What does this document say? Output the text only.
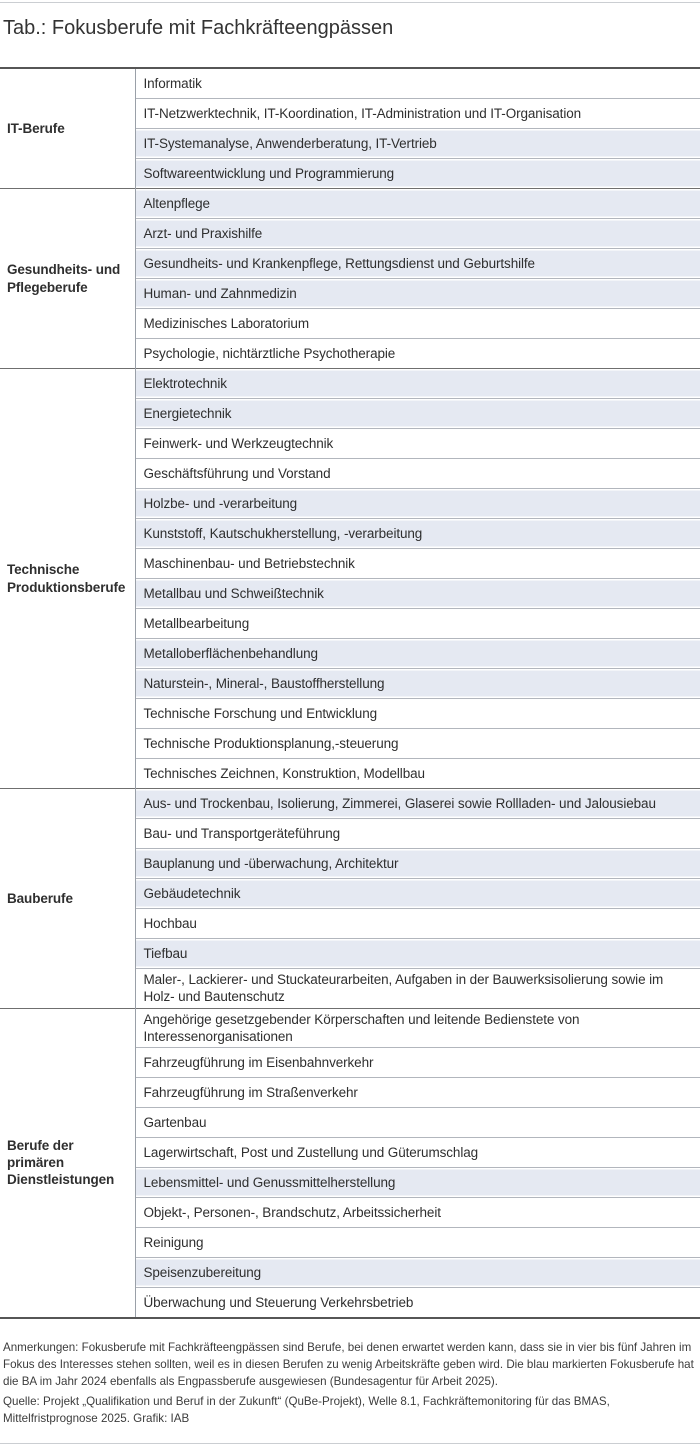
Tab.: Fokusberufe mit Fachkräfteengpässen
IT-Berufe	Informatik
	IT-Netzwerktechnik, IT-Koordination, IT-Administration und IT-Organisation
	IT-Systemanalyse, Anwenderberatung, IT-Vertrieb
	Softwareentwicklung und Programmierung
Gesundheits- und Pflegeberufe	Altenpflege
	Arzt- und Praxishilfe
	Gesundheits- und Krankenpflege, Rettungsdienst und Geburtshilfe
	Human- und Zahnmedizin
	Medizinisches Laboratorium
	Psychologie, nichtärztliche Psychotherapie
Technische Produktionsberufe	Elektrotechnik
	Energietechnik
	Feinwerk- und Werkzeugtechnik
	Geschäftsführung und Vorstand
	Holzbe- und -verarbeitung
	Kunststoff, Kautschukherstellung, -verarbeitung
	Maschinenbau- und Betriebstechnik
	Metallbau und Schweißtechnik
	Metallbearbeitung
	Metalloberflächenbehandlung
	Naturstein-, Mineral-, Baustoffherstellung
	Technische Forschung und Entwicklung
	Technische Produktionsplanung,-steuerung
	Technisches Zeichnen, Konstruktion, Modellbau
Bauberufe	Aus- und Trockenbau, Isolierung, Zimmerei, Glaserei sowie Rollladen- und Jalousiebau
	Bau- und Transportgeräteführung
	Bauplanung und -überwachung, Architektur
	Gebäudetechnik
	Hochbau
	Tiefbau
	Maler-, Lackierer- und Stuckateurarbeiten, Aufgaben in der Bauwerksisolierung sowie im Holz- und Bautenschutz
Berufe der primären Dienstleistungen	Angehörige gesetzgebender Körperschaften und leitende Bedienstete von Interessenorganisationen
	Fahrzeugführung im Eisenbahnverkehr
	Fahrzeugführung im Straßenverkehr
	Gartenbau
	Lagerwirtschaft, Post und Zustellung und Güterumschlag
	Lebensmittel- und Genussmittelherstellung
	Objekt-, Personen-, Brandschutz, Arbeitssicherheit
	Reinigung
	Speisenzubereitung
	Überwachung und Steuerung Verkehrsbetrieb

Anmerkungen: Fokusberufe mit Fachkräfteengpässen sind Berufe, bei denen erwartet werden kann, dass sie in vier bis fünf Jahren im Fokus des Interesses stehen sollten, weil es in diesen Berufen zu wenig Arbeitskräfte geben wird. Die blau markierten Fokusberufe hat die BA im Jahr 2024 ebenfalls als Engpassberufe ausgewiesen (Bundesagentur für Arbeit 2025).

Quelle: Projekt „Qualifikation und Beruf in der Zukunft“ (QuBe-Projekt), Welle 8.1, Fachkräftemonitoring für das BMAS, Mittelfristprognose 2025. Grafik: IAB
